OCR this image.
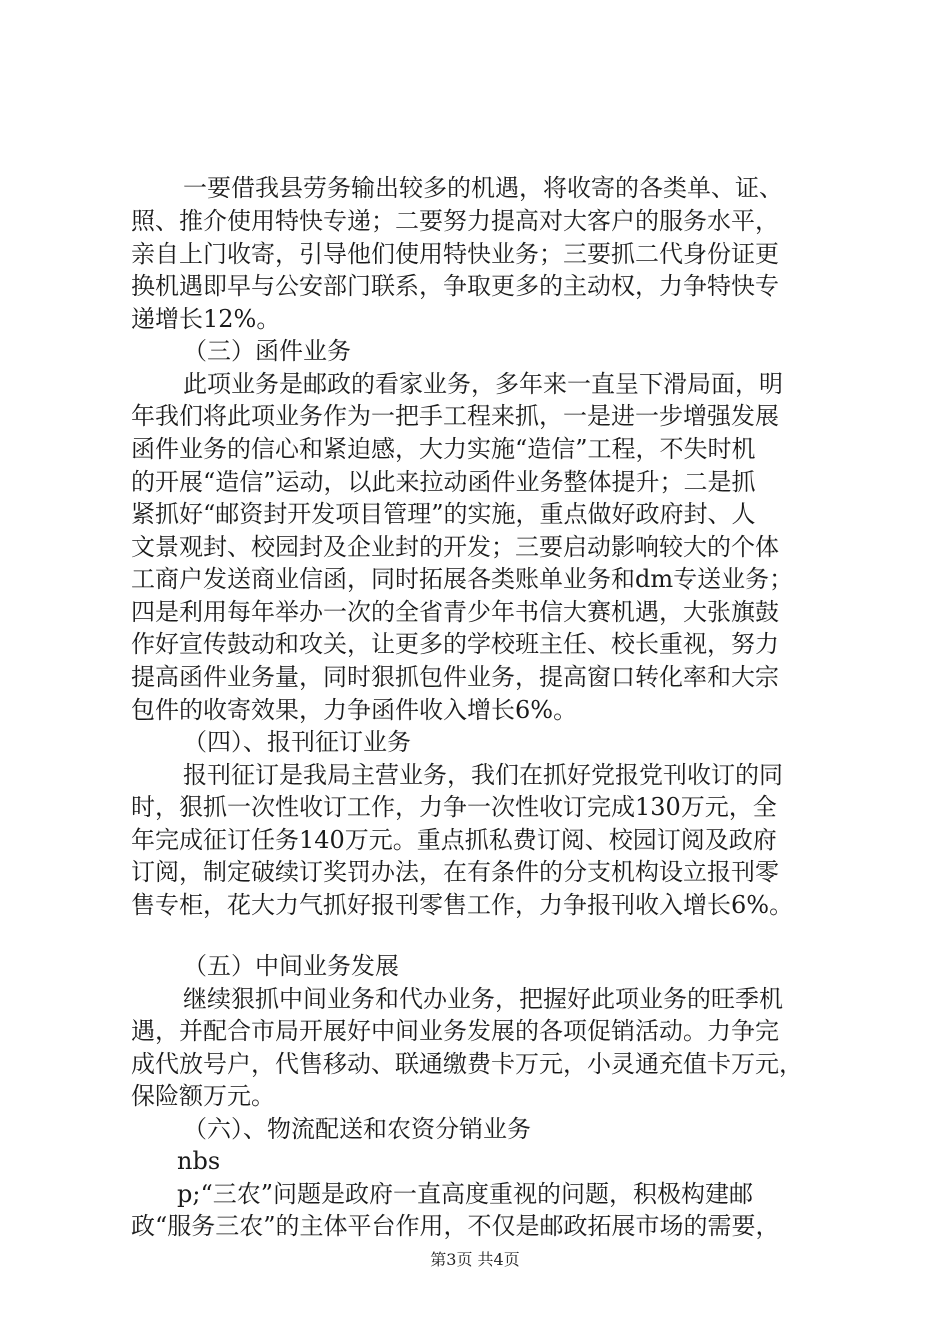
一要借我县劳务输出较多的机遇，将收寄的各类单、证、
照、推介使用特快专递；二要努力提高对大客户的服务水平，
亲自上门收寄，引导他们使用特快业务；三要抓二代身份证更
换机遇即早与公安部门联系，争取更多的主动权，力争特快专
递增长12%。
（三）函件业务
此项业务是邮政的看家业务，多年来一直呈下滑局面，明
年我们将此项业务作为一把手工程来抓，一是进一步增强发展
函件业务的信心和紧迫感，大力实施“造信”工程，不失时机
的开展“造信”运动，以此来拉动函件业务整体提升；二是抓
紧抓好“邮资封开发项目管理”的实施，重点做好政府封、人
文景观封、校园封及企业封的开发；三要启动影响较大的个体
工商户发送商业信函，同时拓展各类账单业务和dm专送业务；
四是利用每年举办一次的全省青少年书信大赛机遇，大张旗鼓
作好宣传鼓动和攻关，让更多的学校班主任、校长重视，努力
提高函件业务量，同时狠抓包件业务，提高窗口转化率和大宗
包件的收寄效果，力争函件收入增长6%。
（四）、报刊征订业务
报刊征订是我局主营业务，我们在抓好党报党刊收订的同
时，狠抓一次性收订工作，力争一次性收订完成130万元，全
年完成征订任务140万元。重点抓私费订阅、校园订阅及政府
订阅，制定破续订奖罚办法，在有条件的分支机构设立报刊零
售专柜，花大力气抓好报刊零售工作，力争报刊收入增长6%。
（五）中间业务发展
继续狠抓中间业务和代办业务，把握好此项业务的旺季机
遇，并配合市局开展好中间业务发展的各项促销活动。力争完
成代放号户，代售移动、联通缴费卡万元，小灵通充值卡万元，
保险额万元。
（六）、物流配送和农资分销业务
nbs
p;“三农”问题是政府一直高度重视的问题，积极构建邮
政“服务三农”的主体平台作用，不仅是邮政拓展市场的需要，
第3页 共4页
